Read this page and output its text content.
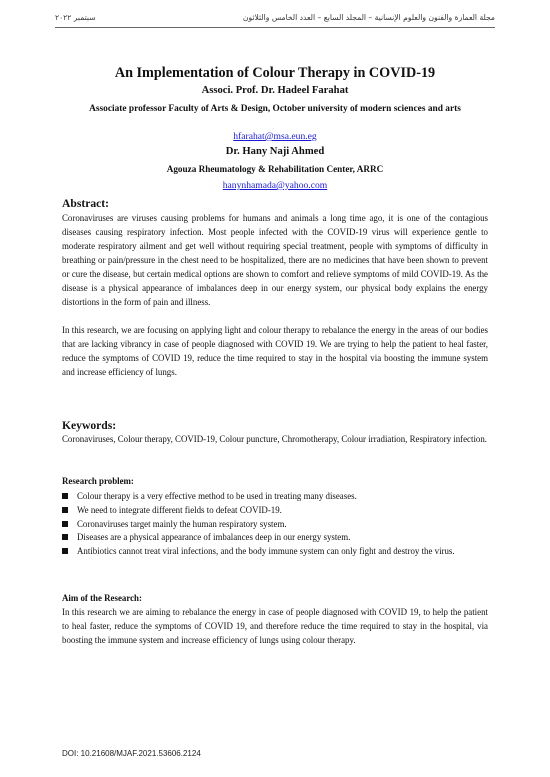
مجلة العمارة والفنون والعلوم الإنسانية – المجلد السابع – العدد الخامس والثلاثون
سبتمبر ٢٠٢٢
An Implementation of Colour Therapy in COVID-19
Associ. Prof. Dr. Hadeel Farahat
Associate professor Faculty of Arts & Design, October university of modern sciences and arts
hfarahat@msa.eun.eg
Dr. Hany Naji Ahmed
Agouza Rheumatology & Rehabilitation Center, ARRC
hanynhamada@yahoo.com
Abstract:

Coronaviruses are viruses causing problems for humans and animals a long time ago, it is one of the contagious diseases causing respiratory infection. Most people infected with the COVID-19 virus will experience gentle to moderate respiratory ailment and get well without requiring special treatment, people with symptoms of difficulty in breathing or pain/pressure in the chest need to be hospitalized, there are no medicines that have been shown to prevent or cure the disease, but certain medical options are shown to comfort and relieve symptoms of mild COVID-19. As the disease is a physical appearance of imbalances deep in our energy system, our physical body explains the energy distortions in the form of pain and illness.

In this research, we are focusing on applying light and colour therapy to rebalance the energy in the areas of our bodies that are lacking vibrancy in case of people diagnosed with COVID 19. We are trying to help the patient to heal faster, reduce the symptoms of COVID 19, reduce the time required to stay in the hospital via boosting the immune system and increase efficiency of lungs.

Keywords:

Coronaviruses, Colour therapy, COVID-19, Colour puncture, Chromotherapy, Colour irradiation, Respiratory infection.

Research problem:
Colour therapy is a very effective method to be used in treating many diseases.
We need to integrate different fields to defeat COVID-19.
Coronaviruses target mainly the human respiratory system.
Diseases are a physical appearance of imbalances deep in our energy system.
Antibiotics cannot treat viral infections, and the body immune system can only fight and destroy the virus.
Aim of the Research:

In this research we are aiming to rebalance the energy in case of people diagnosed with COVID 19, to help the patient to heal faster, reduce the symptoms of COVID 19, and therefore reduce the time required to stay in the hospital, via boosting the immune system and increase efficiency of lungs using colour therapy.

DOI: 10.21608/MJAF.2021.53606.2124
